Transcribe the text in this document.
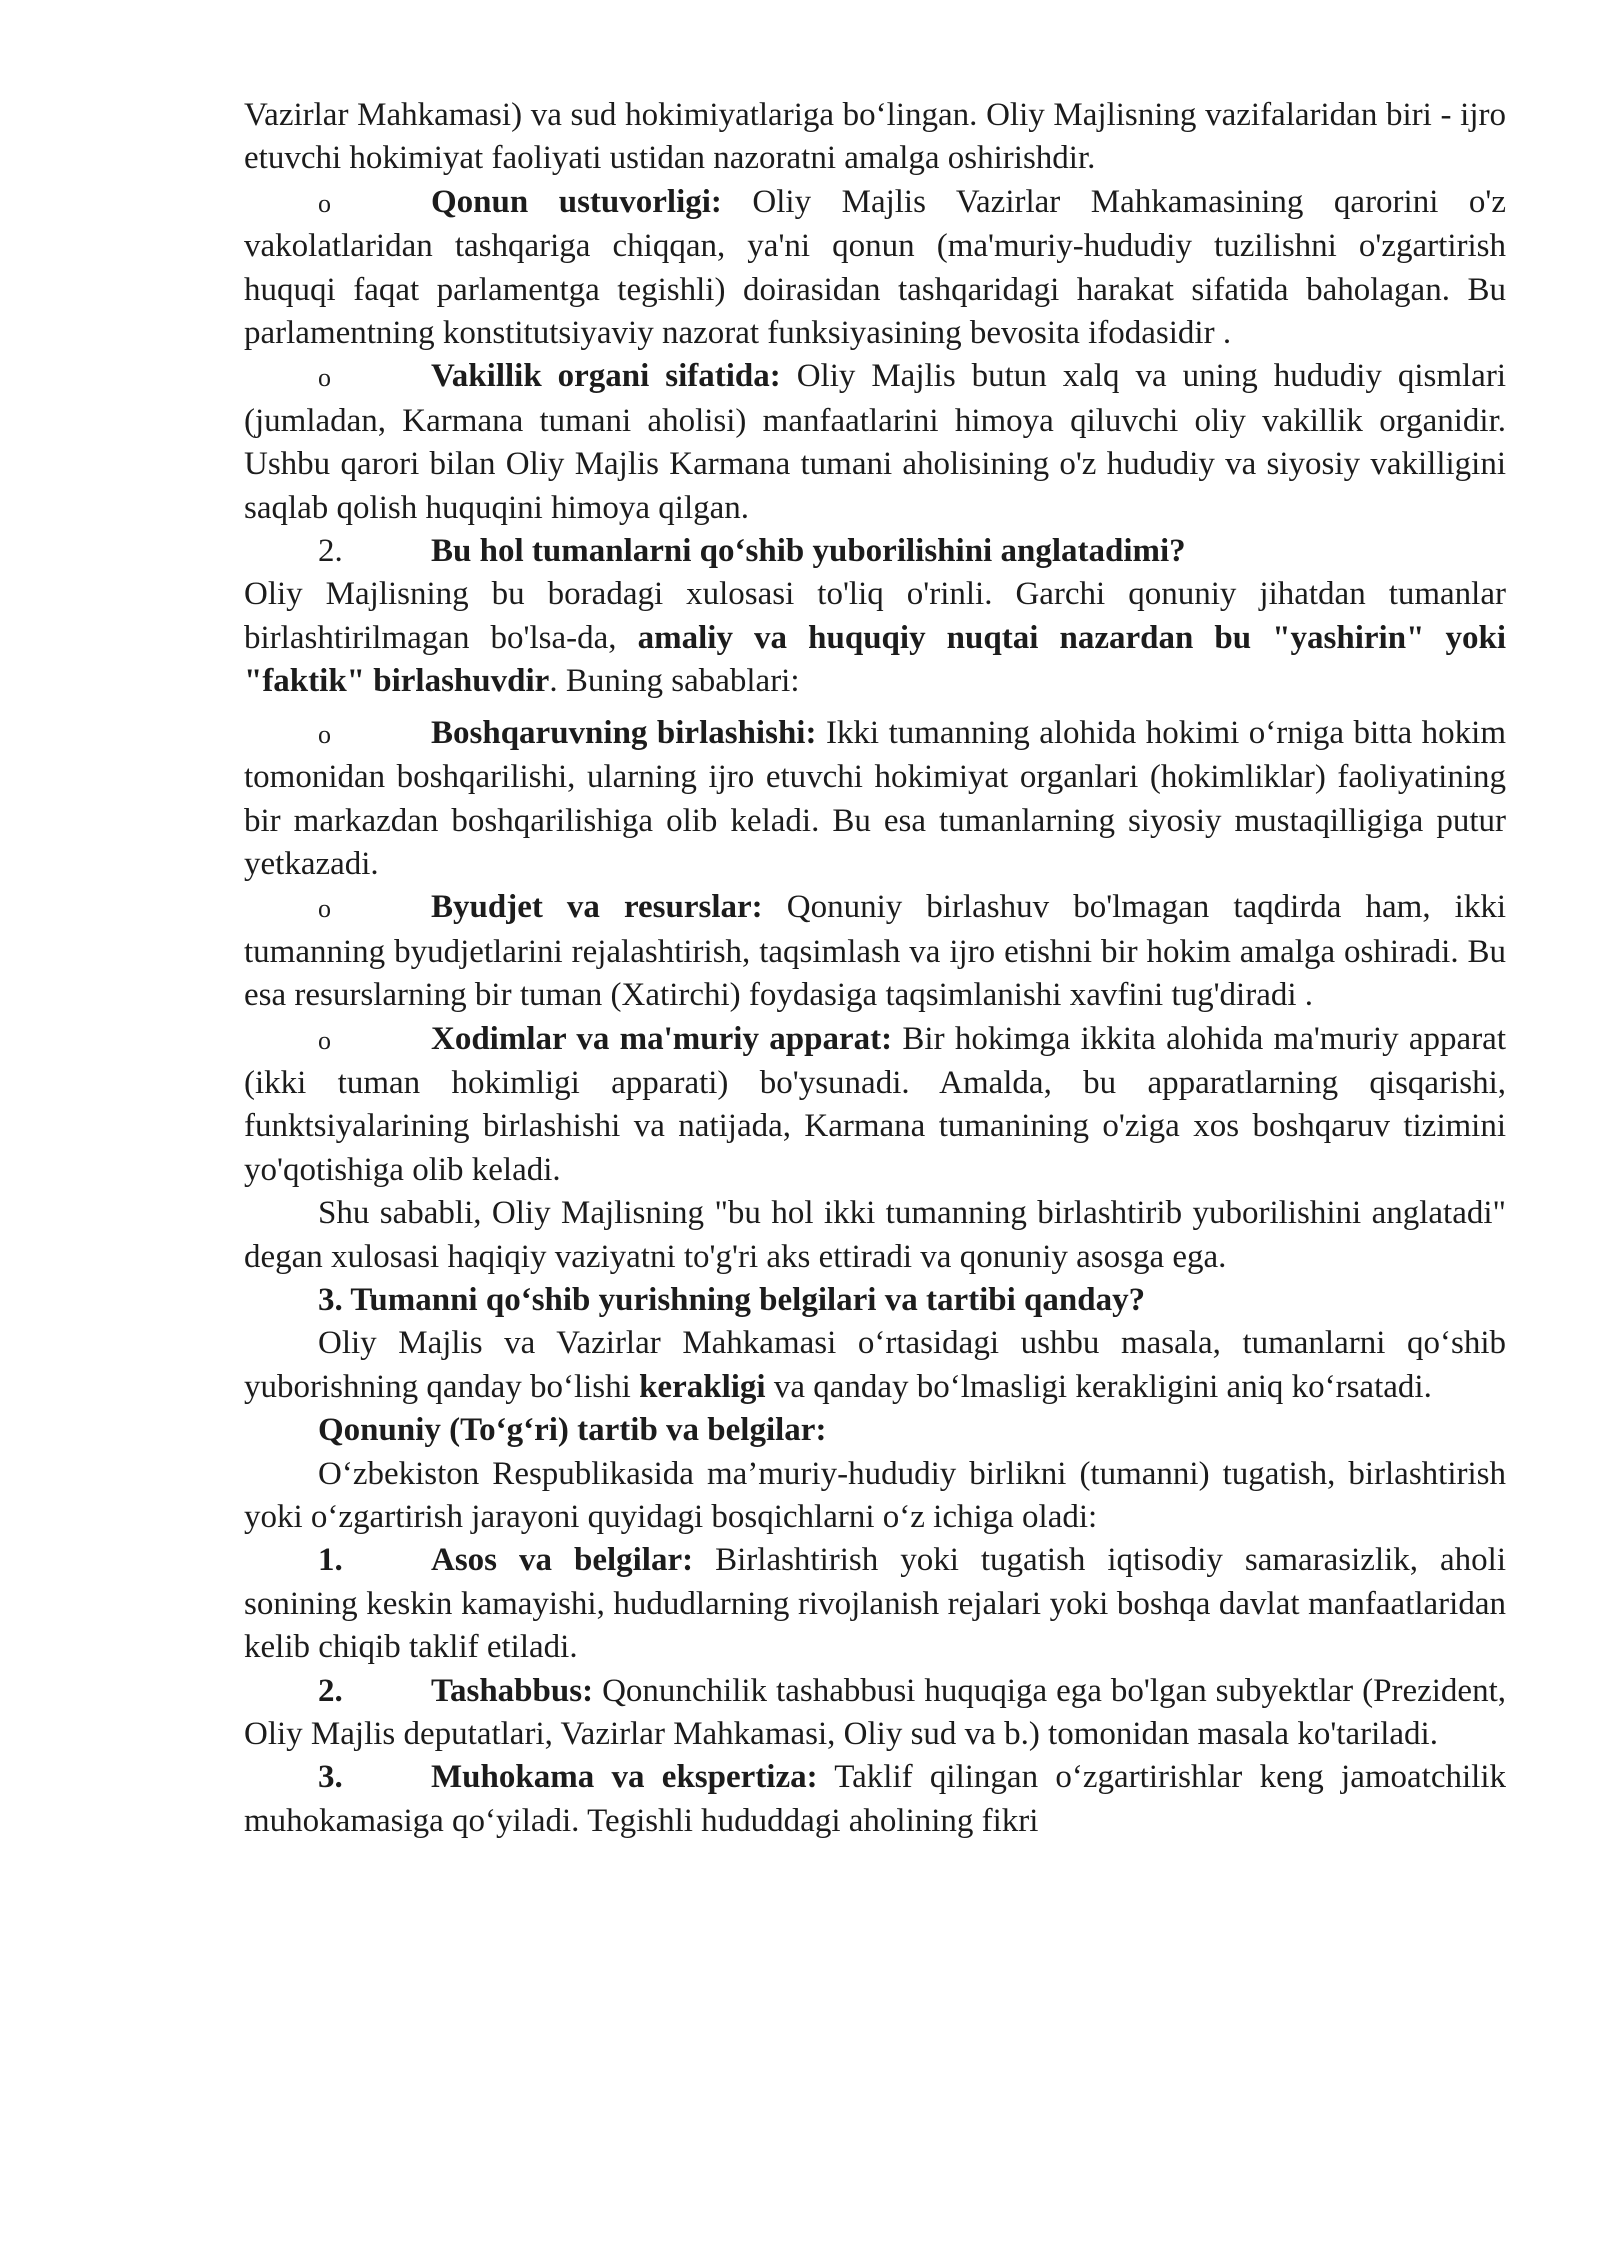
Vazirlar Mahkamasi) va sud hokimiyatlariga bo‘lingan. Oliy Majlisning vazifalaridan biri - ijro etuvchi hokimiyat faoliyati ustidan nazoratni amalga oshirishdir.

o	Qonun ustuvorligi: Oliy Majlis Vazirlar Mahkamasining qarorini o'z vakolatlaridan tashqariga chiqqan, ya'ni qonun (ma'muriy-hududiy tuzilishni o'zgartirish huquqi faqat parlamentga tegishli) doirasidan tashqaridagi harakat sifatida baholagan. Bu parlamentning konstitutsiyaviy nazorat funksiyasining bevosita ifodasidir .

o	Vakillik organi sifatida: Oliy Majlis butun xalq va uning hududiy qismlari (jumladan, Karmana tumani aholisi) manfaatlarini himoya qiluvchi oliy vakillik organidir. Ushbu qarori bilan Oliy Majlis Karmana tumani aholisining o'z hududiy va siyosiy vakilligini saqlab qolish huquqini himoya qilgan.

2.	Bu hol tumanlarni qo‘shib yuborilishini anglatadimi?

Oliy Majlisning bu boradagi xulosasi to'liq o'rinli. Garchi qonuniy jihatdan tumanlar birlashtirilmagan bo'lsa-da, amaliy va huquqiy nuqtai nazardan bu "yashirin" yoki "faktik" birlashuvdir. Buning sabablari:

o	Boshqaruvning birlashishi: Ikki tumanning alohida hokimi o‘rniga bitta hokim tomonidan boshqarilishi, ularning ijro etuvchi hokimiyat organlari (hokimliklar) faoliyatining bir markazdan boshqarilishiga olib keladi. Bu esa tumanlarning siyosiy mustaqilligiga putur yetkazadi.

o	Byudjet va resurslar: Qonuniy birlashuv bo'lmagan taqdirda ham, ikki tumanning byudjetlarini rejalashtirish, taqsimlash va ijro etishni bir hokim amalga oshiradi. Bu esa resurslarning bir tuman (Xatirchi) foydasiga taqsimlanishi xavfini tug'diradi .

o	Xodimlar va ma'muriy apparat: Bir hokimga ikkita alohida ma'muriy apparat (ikki tuman hokimligi apparati) bo'ysunadi. Amalda, bu apparatlarning qisqarishi, funktsiyalarining birlashishi va natijada, Karmana tumanining o'ziga xos boshqaruv tizimini yo'qotishiga olib keladi.

Shu sababli, Oliy Majlisning "bu hol ikki tumanning birlashtirib yuborilishini anglatadi" degan xulosasi haqiqiy vaziyatni to'g'ri aks ettiradi va qonuniy asosga ega.

3. Tumanni qo‘shib yurishning belgilari va tartibi qanday?

Oliy Majlis va Vazirlar Mahkamasi o‘rtasidagi ushbu masala, tumanlarni qo‘shib yuborishning qanday bo‘lishi kerakligi va qanday bo‘lmasligi kerakligini aniq ko‘rsatadi.

Qonuniy (To‘g‘ri) tartib va belgilar:

O‘zbekiston Respublikasida ma’muriy-hududiy birlikni (tumanni) tugatish, birlashtirish yoki o‘zgartirish jarayoni quyidagi bosqichlarni o‘z ichiga oladi:

1.	Asos va belgilar: Birlashtirish yoki tugatish iqtisodiy samarasizlik, aholi sonining keskin kamayishi, hududlarning rivojlanish rejalari yoki boshqa davlat manfaatlaridan kelib chiqib taklif etiladi.

2.	Tashabbus: Qonunchilik tashabbusi huquqiga ega bo'lgan subyektlar (Prezident, Oliy Majlis deputatlari, Vazirlar Mahkamasi, Oliy sud va b.) tomonidan masala ko'tariladi.

3.	Muhokama va ekspertiza: Taklif qilingan o‘zgartirishlar keng jamoatchilik muhokamasiga qo‘yiladi. Tegishli hududdagi aholining fikri
